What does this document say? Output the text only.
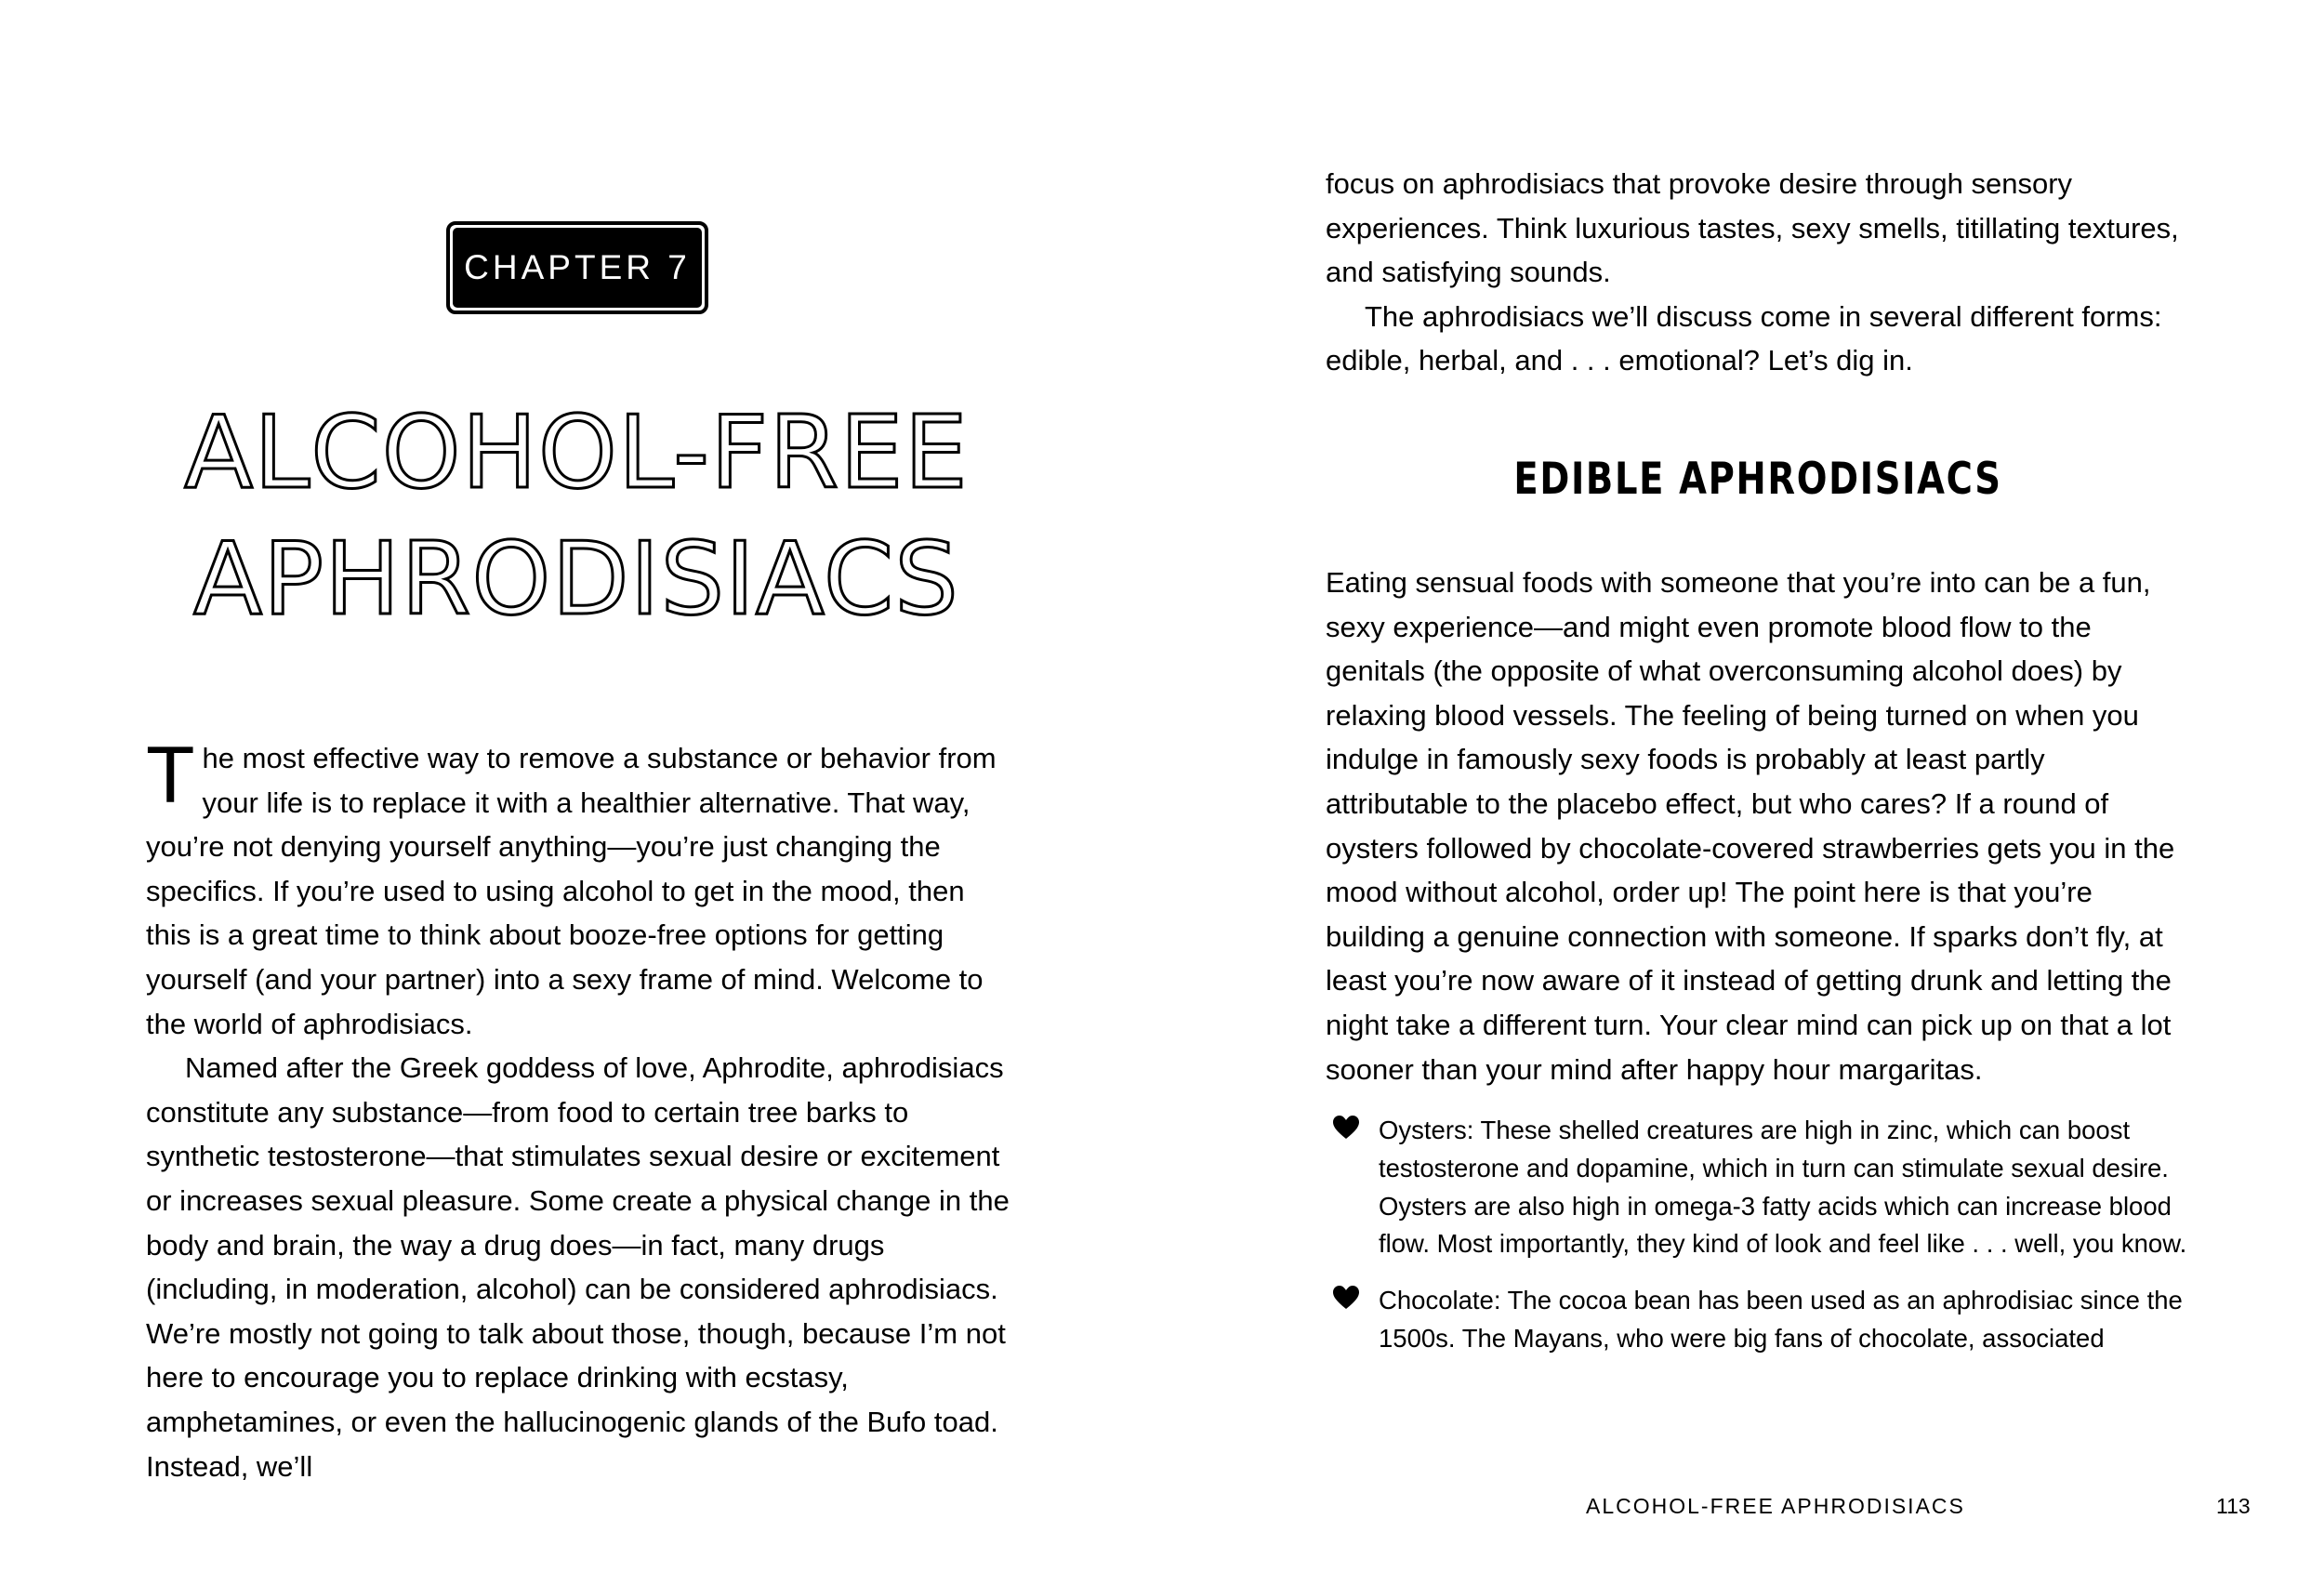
CHAPTER 7
ALCOHOL-FREE
APHRODISIACS

The most effective way to remove a substance or behavior from your life is to replace it with a healthier alternative. That way, you’re not denying yourself anything—you’re just changing the specifics. If you’re used to using alcohol to get in the mood, then this is a great time to think about booze-free options for getting yourself (and your partner) into a sexy frame of mind. Welcome to the world of aphrodisiacs.

Named after the Greek goddess of love, Aphrodite, aphrodisiacs constitute any substance—from food to certain tree barks to synthetic testosterone—that stimulates sexual desire or excitement or increases sexual pleasure. Some create a physical change in the body and brain, the way a drug does—in fact, many drugs (including, in moderation, alcohol) can be considered aphrodisiacs. We’re mostly not going to talk about those, though, because I’m not here to encourage you to replace drinking with ecstasy, amphetamines, or even the hallucinogenic glands of the Bufo toad. Instead, we’ll

focus on aphrodisiacs that provoke desire through sensory experiences. Think luxurious tastes, sexy smells, titillating textures, and satisfying sounds.

The aphrodisiacs we’ll discuss come in several different forms: edible, herbal, and . . . emotional? Let’s dig in.

EDIBLE APHRODISIACS

Eating sensual foods with someone that you’re into can be a fun, sexy experience—and might even promote blood flow to the genitals (the opposite of what overconsuming alcohol does) by relaxing blood vessels. The feeling of being turned on when you indulge in famously sexy foods is probably at least partly attributable to the placebo effect, but who cares? If a round of oysters followed by chocolate-covered strawberries gets you in the mood without alcohol, order up! The point here is that you’re building a genuine connection with someone. If sparks don’t fly, at least you’re now aware of it instead of getting drunk and letting the night take a different turn. Your clear mind can pick up on that a lot sooner than your mind after happy hour margaritas.

Oysters: These shelled creatures are high in zinc, which can boost testosterone and dopamine, which in turn can stimulate sexual desire. Oysters are also high in omega-3 fatty acids which can increase blood flow. Most importantly, they kind of look and feel like . . . well, you know.
Chocolate: The cocoa bean has been used as an aphrodisiac since the 1500s. The Mayans, who were big fans of chocolate, associated
ALCOHOL-FREE APHRODISIACS	113
